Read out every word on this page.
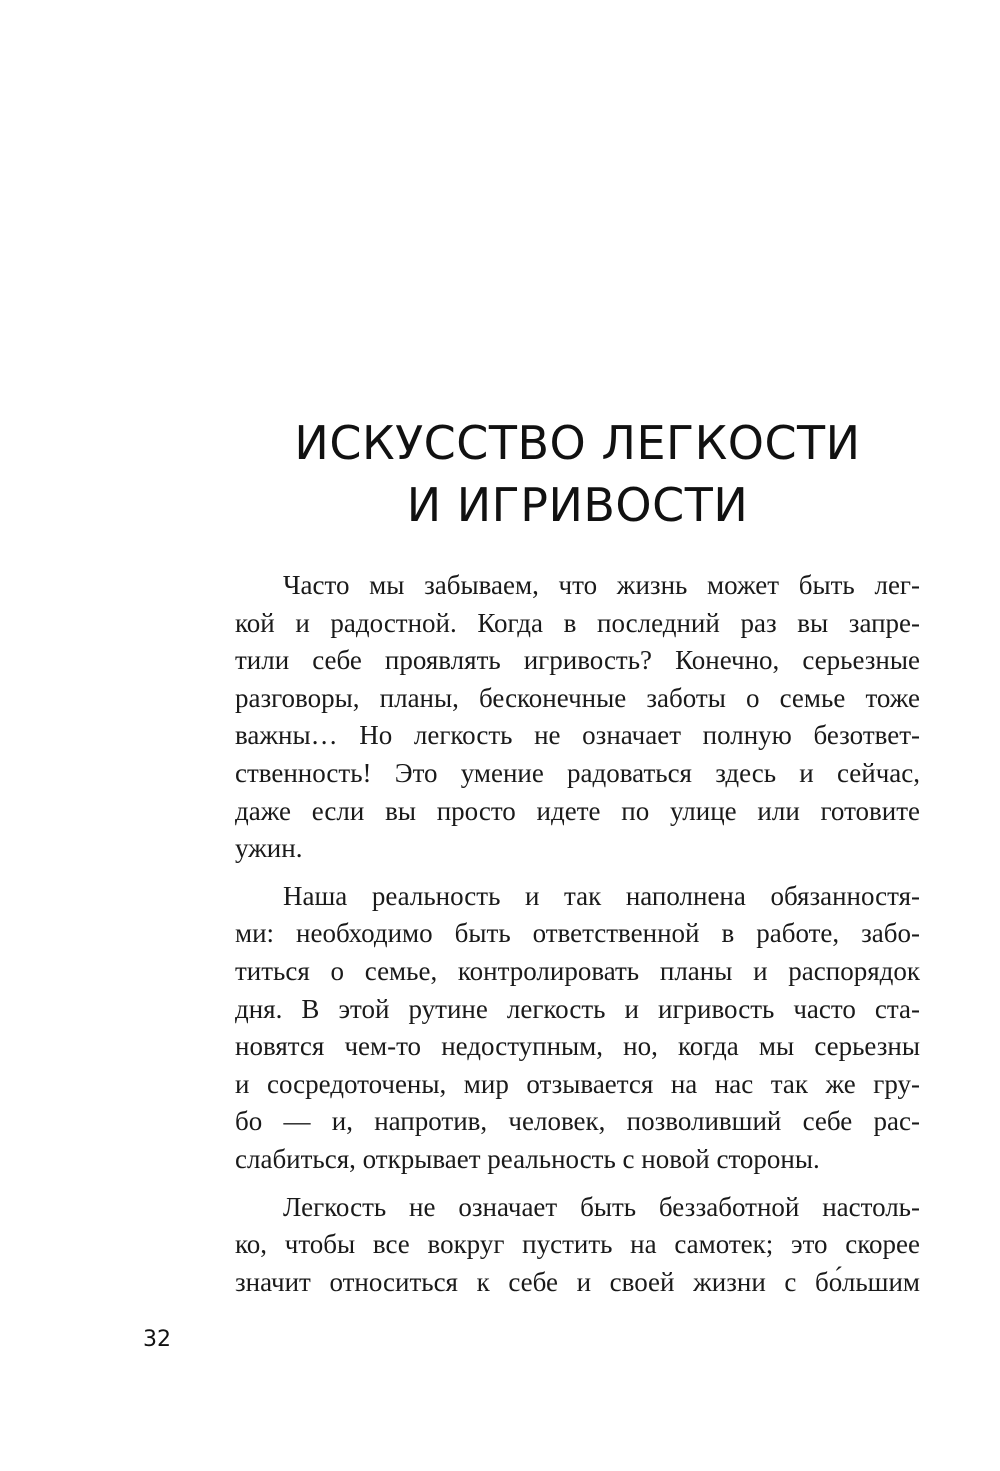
ИСКУССТВО ЛЕГКОСТИ
И ИГРИВОСТИ

Часто мы забываем, что жизнь может быть лег-
кой и радостной. Когда в последний раз вы запре-
тили себе проявлять игривость? Конечно, серьезные
разговоры, планы, бесконечные заботы о семье тоже
важны… Но легкость не означает полную безответ-
ственность! Это умение радоваться здесь и сейчас,
даже если вы просто идете по улице или готовите
ужин.

Наша реальность и так наполнена обязанностя-
ми: необходимо быть ответственной в работе, забо-
титься о семье, контролировать планы и распорядок
дня. В этой рутине легкость и игривость часто ста-
новятся чем-то недоступным, но, когда мы серьезны
и сосредоточены, мир отзывается на нас так же гру-
бо — и, напротив, человек, позволивший себе рас-
слабиться, открывает реальность с новой стороны.

Легкость не означает быть беззаботной настоль-
ко, чтобы все вокруг пустить на самотек; это скорее
значит относиться к себе и своей жизни с бо́льшим

32
